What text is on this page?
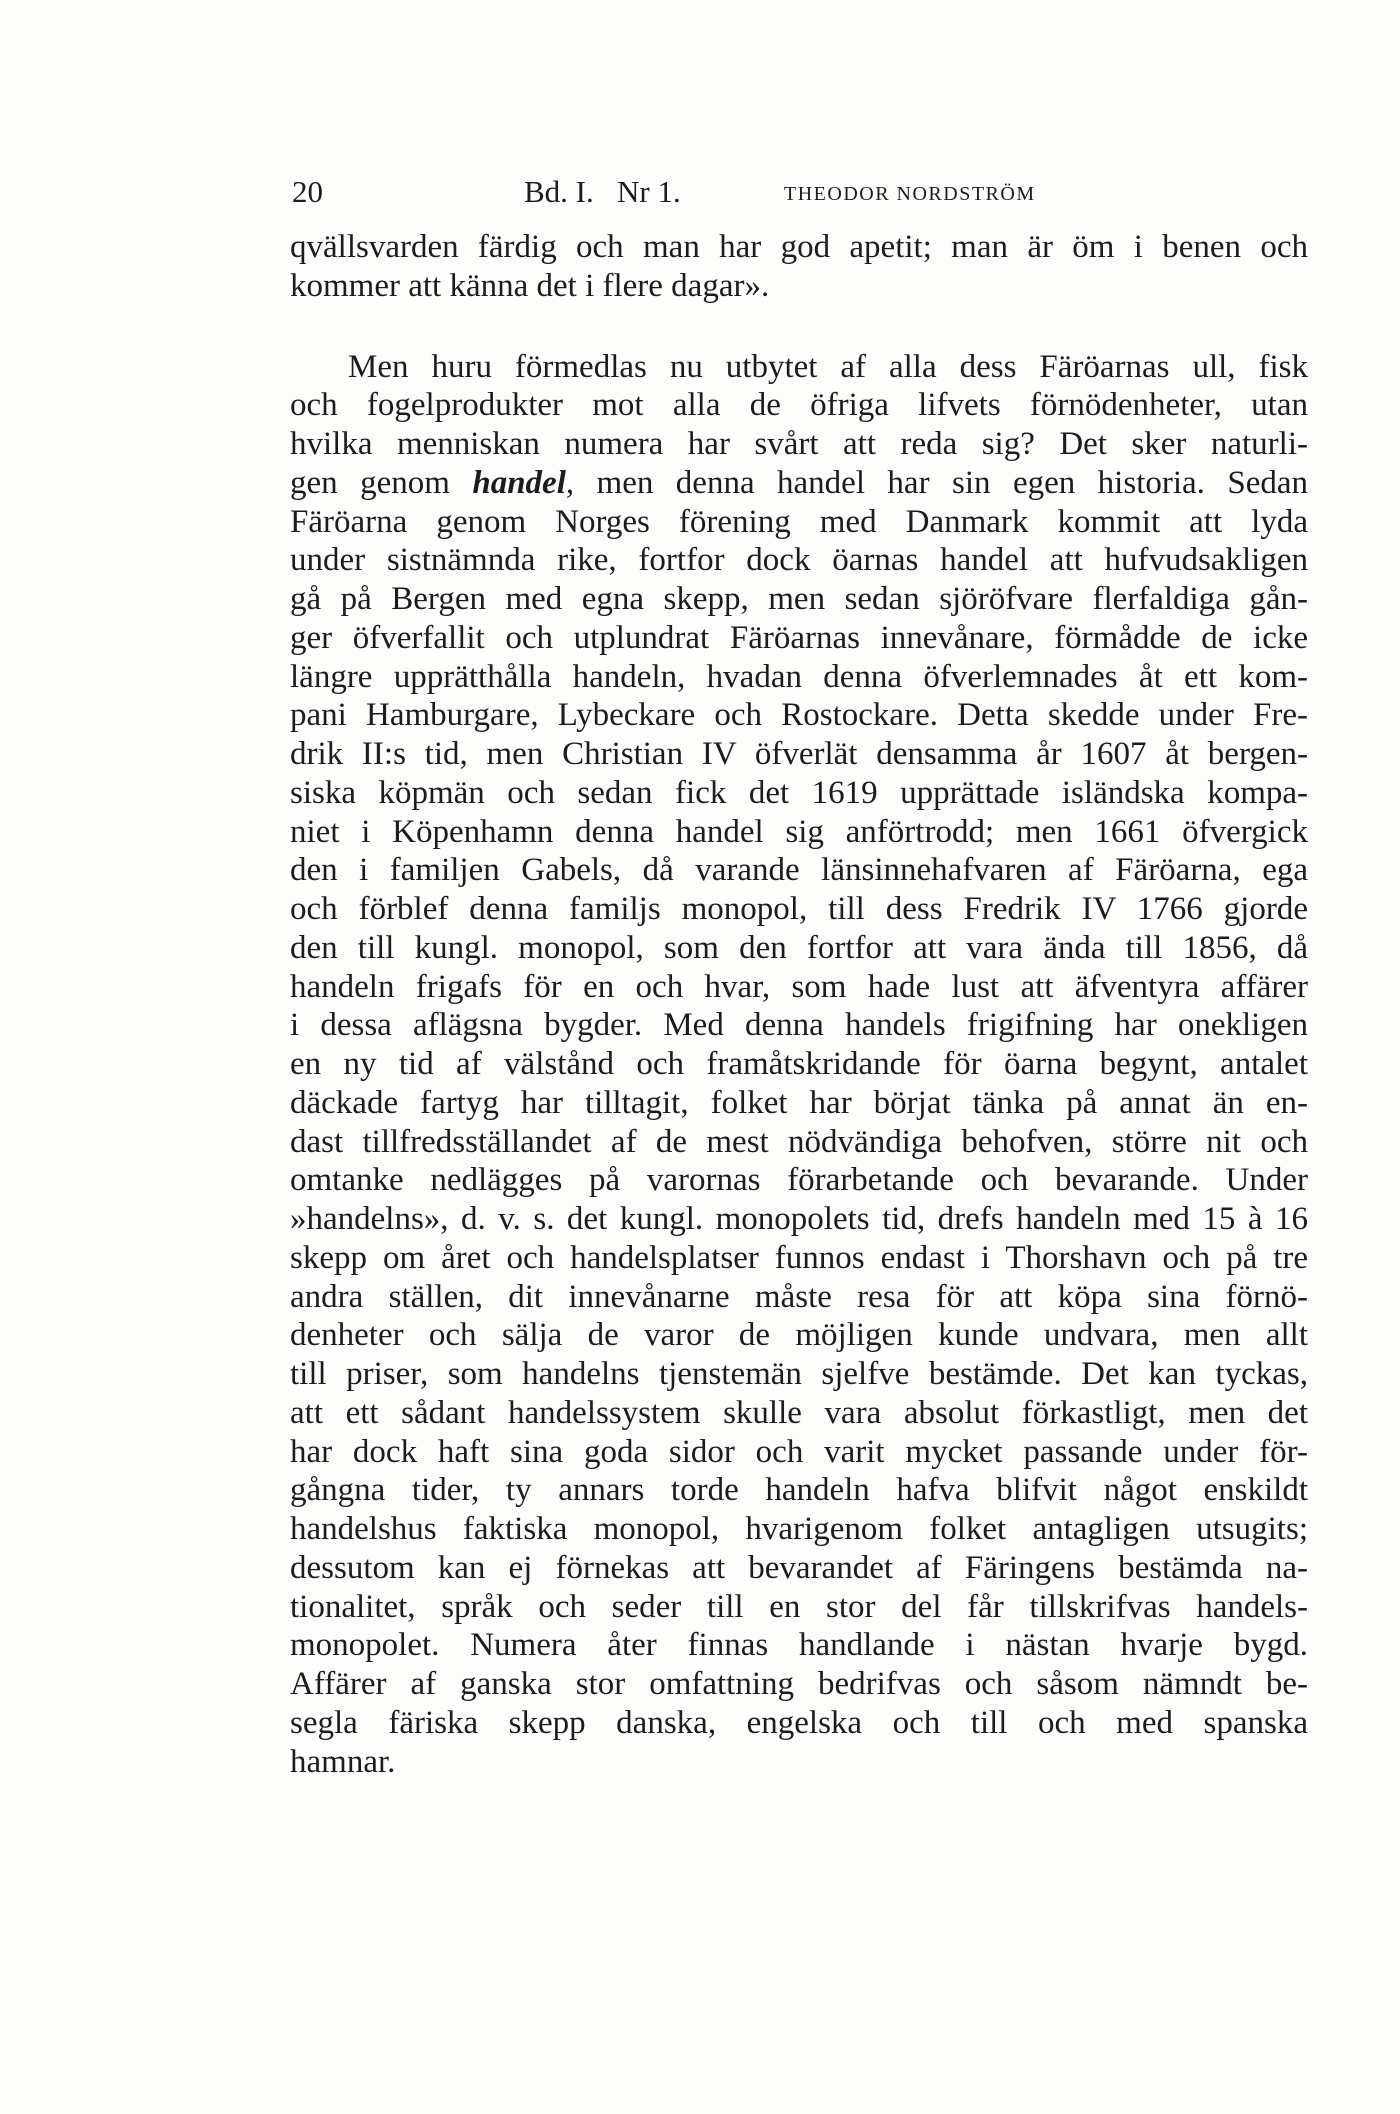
20	Bd. I.   Nr 1.	THEODOR NORDSTRÖM
qvällsvarden färdig och man har god apetit; man är öm i benen och
kommer att känna det i flere dagar».
Men huru förmedlas nu utbytet af alla dess Färöarnas ull, fisk
och fogelprodukter mot alla de öfriga lifvets förnödenheter, utan
hvilka menniskan numera har svårt att reda sig? Det sker naturli-
gen genom handel, men denna handel har sin egen historia. Sedan
Färöarna genom Norges förening med Danmark kommit att lyda
under sistnämnda rike, fortfor dock öarnas handel att hufvudsakligen
gå på Bergen med egna skepp, men sedan sjöröfvare flerfaldiga gån-
ger öfverfallit och utplundrat Färöarnas innevånare, förmådde de icke
längre upprätthålla handeln, hvadan denna öfverlemnades åt ett kom-
pani Hamburgare, Lybeckare och Rostockare. Detta skedde under Fre-
drik II:s tid, men Christian IV öfverlät densamma år 1607 åt bergen-
siska köpmän och sedan fick det 1619 upprättade isländska kompa-
niet i Köpenhamn denna handel sig anförtrodd; men 1661 öfvergick
den i familjen Gabels, då varande länsinnehafvaren af Färöarna, ega
och förblef denna familjs monopol, till dess Fredrik IV 1766 gjorde
den till kungl. monopol, som den fortfor att vara ända till 1856, då
handeln frigafs för en och hvar, som hade lust att äfventyra affärer
i dessa aflägsna bygder. Med denna handels frigifning har onekligen
en ny tid af välstånd och framåtskridande för öarna begynt, antalet
däckade fartyg har tilltagit, folket har börjat tänka på annat än en-
dast tillfredsställandet af de mest nödvändiga behofven, större nit och
omtanke nedlägges på varornas förarbetande och bevarande. Under
»handelns», d. v. s. det kungl. monopolets tid, drefs handeln med 15 à 16
skepp om året och handelsplatser funnos endast i Thorshavn och på tre
andra ställen, dit innevånarne måste resa för att köpa sina förnö-
denheter och sälja de varor de möjligen kunde undvara, men allt
till priser, som handelns tjenstemän sjelfve bestämde. Det kan tyckas,
att ett sådant handelssystem skulle vara absolut förkastligt, men det
har dock haft sina goda sidor och varit mycket passande under för-
gångna tider, ty annars torde handeln hafva blifvit något enskildt
handelshus faktiska monopol, hvarigenom folket antagligen utsugits;
dessutom kan ej förnekas att bevarandet af Färingens bestämda na-
tionalitet, språk och seder till en stor del får tillskrifvas handels-
monopolet. Numera åter finnas handlande i nästan hvarje bygd.
Affärer af ganska stor omfattning bedrifvas och såsom nämndt be-
segla färiska skepp danska, engelska och till och med spanska
hamnar.
